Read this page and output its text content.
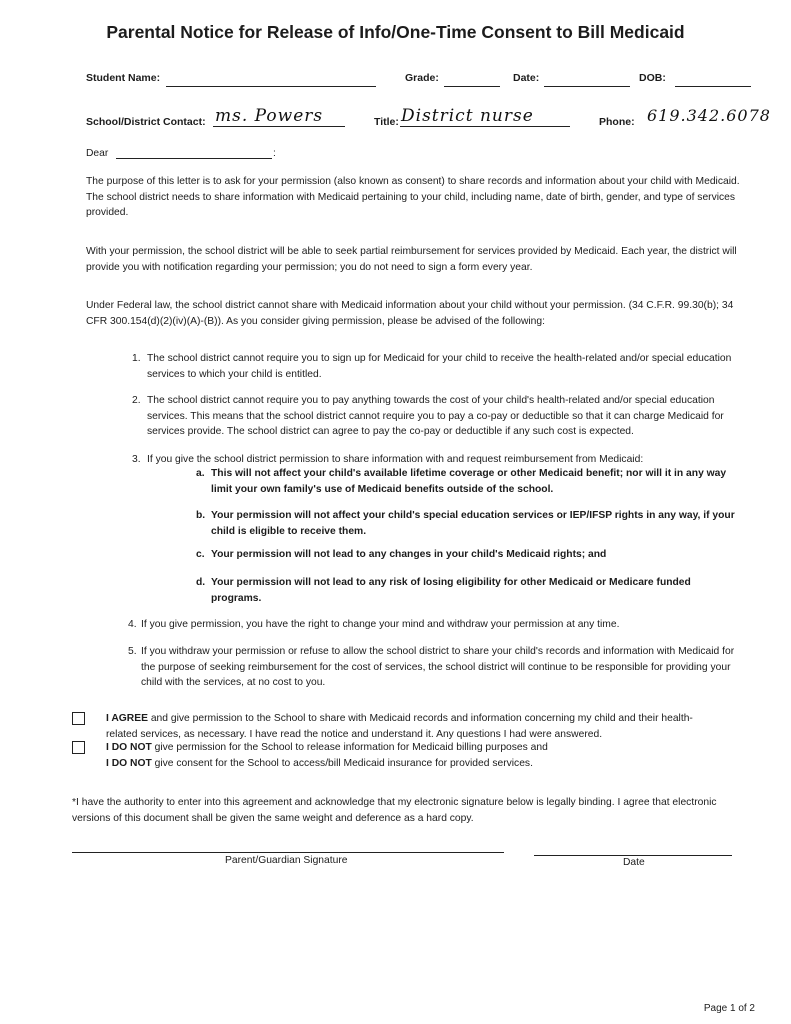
Parental Notice for Release of Info/One-Time Consent to Bill Medicaid
Student Name:	Grade:	Date:	DOB:
School/District Contact: ms. Powers	Title: District nurse	Phone: 619.342.6078
Dear	:
The purpose of this letter is to ask for your permission (also known as consent) to share records and information about your child with Medicaid. The school district needs to share information with Medicaid pertaining to your child, including name, date of birth, gender, and type of services provided.
With your permission, the school district will be able to seek partial reimbursement for services provided by Medicaid. Each year, the district will provide you with notification regarding your permission; you do not need to sign a form every year.
Under Federal law, the school district cannot share with Medicaid information about your child without your permission. (34 C.F.R. 99.30(b); 34 CFR 300.154(d)(2)(iv)(A)-(B)). As you consider giving permission, please be advised of the following:
1. The school district cannot require you to sign up for Medicaid for your child to receive the health-related and/or special education services to which your child is entitled.
2. The school district cannot require you to pay anything towards the cost of your child's health-related and/or special education services. This means that the school district cannot require you to pay a co-pay or deductible so that it can charge Medicaid for services provide. The school district can agree to pay the co-pay or deductible if any such cost is expected.
3. If you give the school district permission to share information with and request reimbursement from Medicaid:
a. This will not affect your child's available lifetime coverage or other Medicaid benefit; nor will it in any way limit your own family's use of Medicaid benefits outside of the school.
b. Your permission will not affect your child's special education services or IEP/IFSP rights in any way, if your child is eligible to receive them.
c. Your permission will not lead to any changes in your child's Medicaid rights; and
d. Your permission will not lead to any risk of losing eligibility for other Medicaid or Medicare funded programs.
4. If you give permission, you have the right to change your mind and withdraw your permission at any time.
5. If you withdraw your permission or refuse to allow the school district to share your child's records and information with Medicaid for the purpose of seeking reimbursement for the cost of services, the school district will continue to be responsible for providing your child with the services, at no cost to you.
I AGREE and give permission to the School to share with Medicaid records and information concerning my child and their health-related services, as necessary. I have read the notice and understand it. Any questions I had were answered.
I DO NOT give permission for the School to release information for Medicaid billing purposes and
I DO NOT give consent for the School to access/bill Medicaid insurance for provided services.
*I have the authority to enter into this agreement and acknowledge that my electronic signature below is legally binding. I agree that electronic versions of this document shall be given the same weight and deference as a hard copy.
Parent/Guardian Signature	Date
Page 1 of 2
